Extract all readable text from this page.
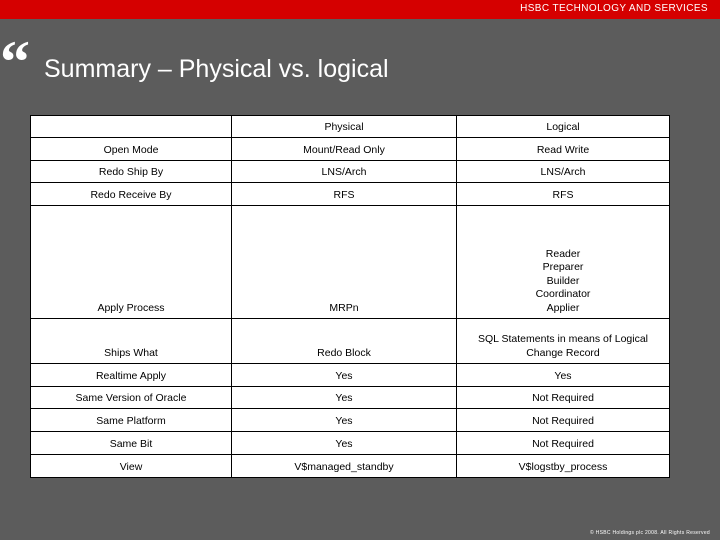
HSBC TECHNOLOGY AND SERVICES
“ Summary – Physical vs. logical
	Physical	Logical
Open Mode	Mount/Read Only	Read Write
Redo Ship By	LNS/Arch	LNS/Arch
Redo Receive By	RFS	RFS
Apply Process	MRPn	Reader
Preparer
Builder
Coordinator
Applier

Ships What	Redo Block	SQL Statements in means of Logical
Change Record

Realtime Apply	Yes	Yes
Same Version of Oracle	Yes	Not Required
Same Platform	Yes	Not Required
Same Bit	Yes	Not Required
View	V$managed_standby	V$logstby_process
© HSBC Holdings plc 2008. All Rights Reserved
